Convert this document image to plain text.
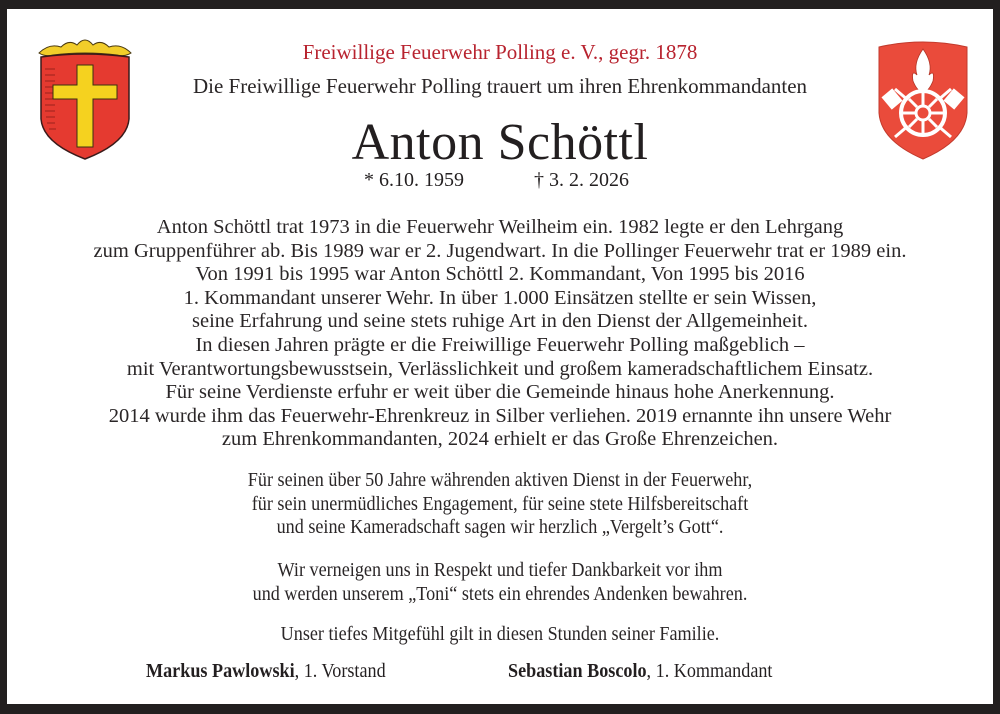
Freiwillige Feuerwehr Polling e. V., gegr. 1878
Die Freiwillige Feuerwehr Polling trauert um ihren Ehrenkommandanten
Anton Schöttl
* 6.10. 1959	† 3. 2. 2026
Anton Schöttl trat 1973 in die Feuerwehr Weilheim ein. 1982 legte er den Lehrgang
zum Gruppenführer ab. Bis 1989 war er 2. Jugendwart. In die Pollinger Feuerwehr trat er 1989 ein.
Von 1991 bis 1995 war Anton Schöttl 2. Kommandant, Von 1995 bis 2016
1. Kommandant unserer Wehr. In über 1.000 Einsätzen stellte er sein Wissen,
seine Erfahrung und seine stets ruhige Art in den Dienst der Allgemeinheit.
In diesen Jahren prägte er die Freiwillige Feuerwehr Polling maßgeblich –
mit Verantwortungsbewusstsein, Verlässlichkeit und großem kameradschaftlichem Einsatz.
Für seine Verdienste erfuhr er weit über die Gemeinde hinaus hohe Anerkennung.
2014 wurde ihm das Feuerwehr-Ehrenkreuz in Silber verliehen. 2019 ernannte ihn unsere Wehr
zum Ehrenkommandanten, 2024 erhielt er das Große Ehrenzeichen.
Für seinen über 50 Jahre währenden aktiven Dienst in der Feuerwehr,
für sein unermüdliches Engagement, für seine stete Hilfsbereitschaft
und seine Kameradschaft sagen wir herzlich „Vergelt’s Gott“.
Wir verneigen uns in Respekt und tiefer Dankbarkeit vor ihm
und werden unserem „Toni“ stets ein ehrendes Andenken bewahren.
Unser tiefes Mitgefühl gilt in diesen Stunden seiner Familie.
Markus Pawlowski, 1. Vorstand	Sebastian Boscolo, 1. Kommandant
